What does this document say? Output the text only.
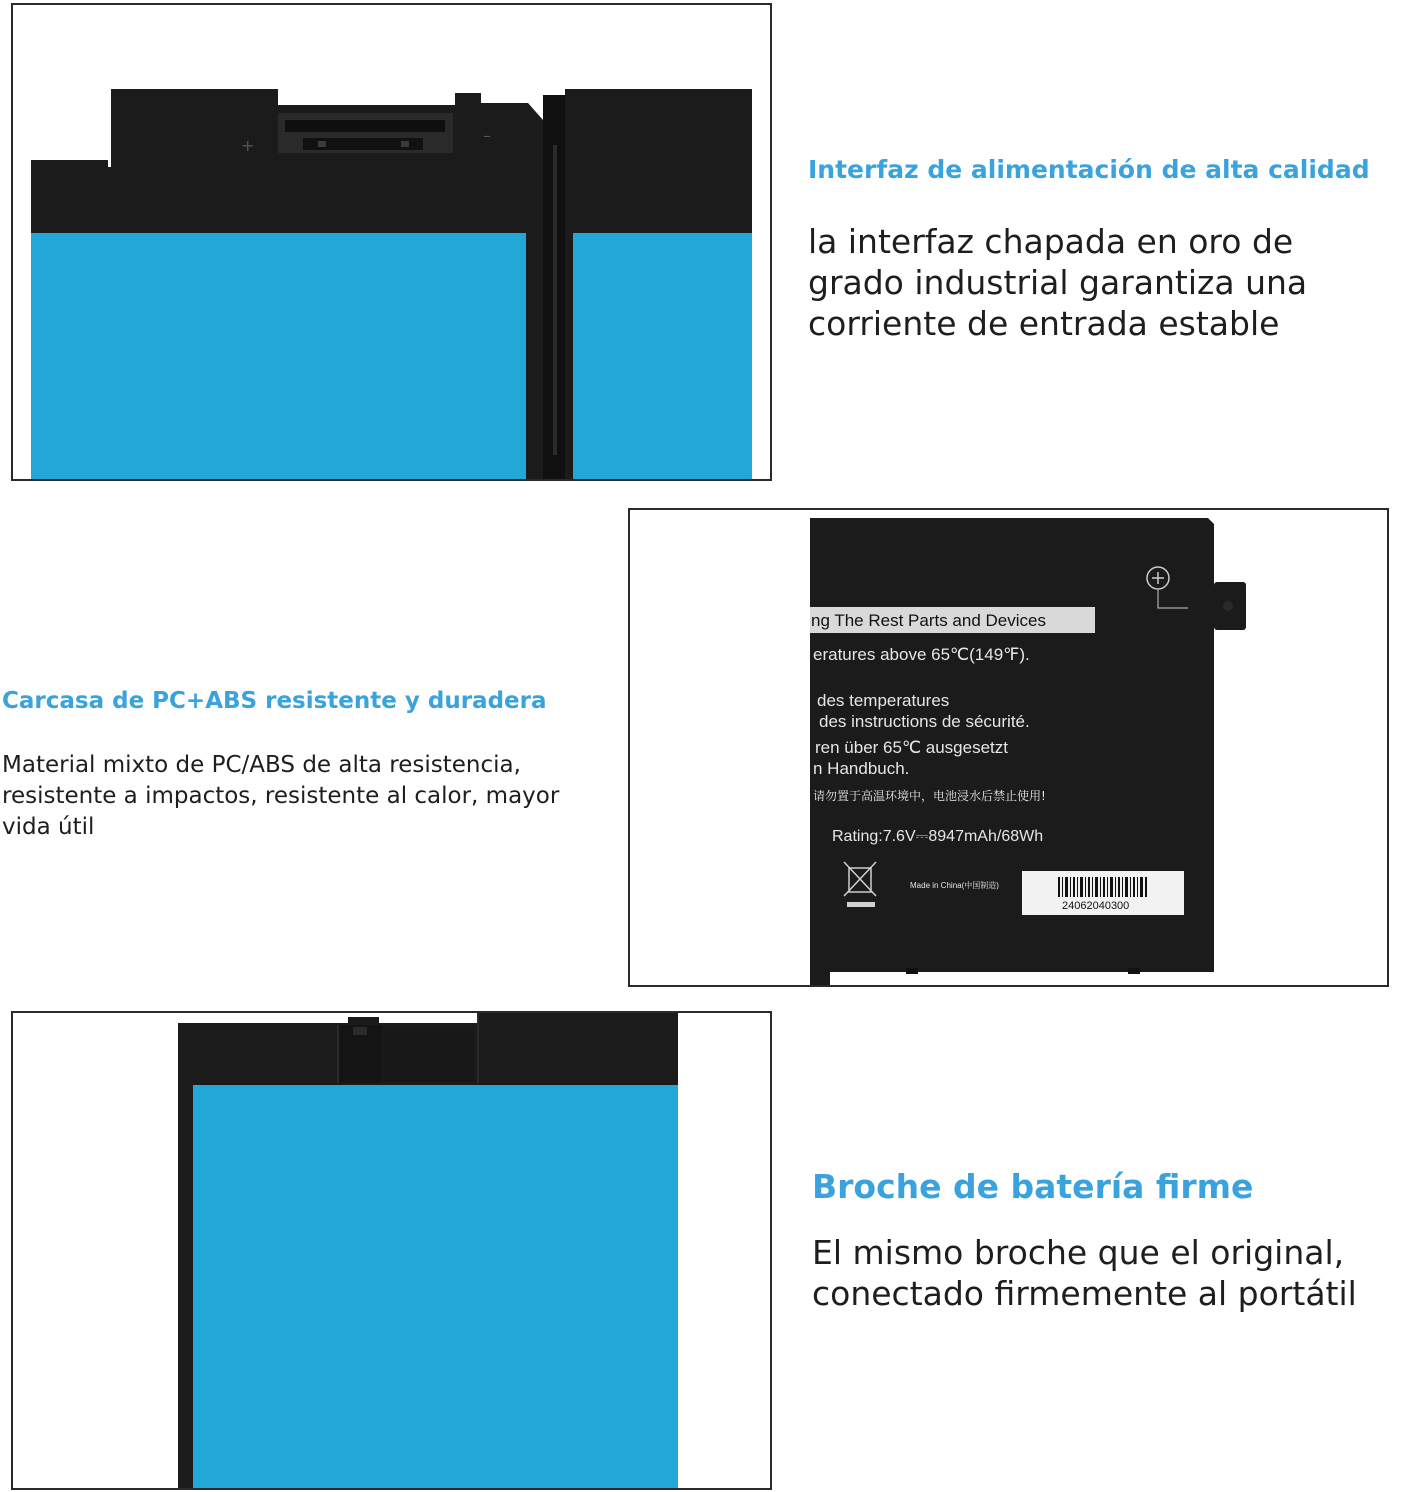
+
–
Interfaz de alimentación de alta calidad

la interfaz chapada en oro de grado industrial garantiza una corriente de entrada estable

Carcasa de PC+ABS resistente y duradera

Material mixto de PC/ABS de alta resistencia, resistente a impactos, resistente al calor, mayor vida útil

ng The Rest Parts and Devices
eratures above 65℃(149℉).
des temperatures
des instructions de sécurité.
ren über 65℃ ausgesetzt
n Handbuch.
请勿置于高温环境中，电池浸水后禁止使用!
Rating:7.6V⎓8947mAh/68Wh
Made in China(中国制造)
24062040300
Broche de batería firme

El mismo broche que el original, conectado firmemente al portátil
